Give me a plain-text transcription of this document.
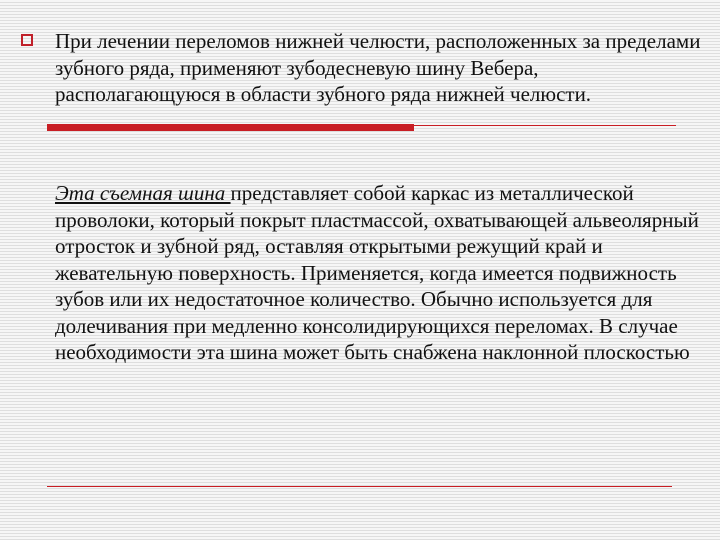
При лечении переломов нижней челюсти, расположенных за пределами зубного ряда, применяют зубодесневую шину Вебера, располагающуюся в области зубного ряда нижней челюсти.

Эта съемная шина представляет собой каркас из металлической проволоки, который покрыт пластмассой, охватывающей альвеолярный отросток и зубной ряд, оставляя открытыми режущий край и жевательную поверхность. Применяется, когда имеется подвижность зубов или их недостаточное количество. Обычно используется для долечивания при медленно консолидирующихся переломах. В случае необходимости эта шина может быть снабжена наклонной плоскостью
